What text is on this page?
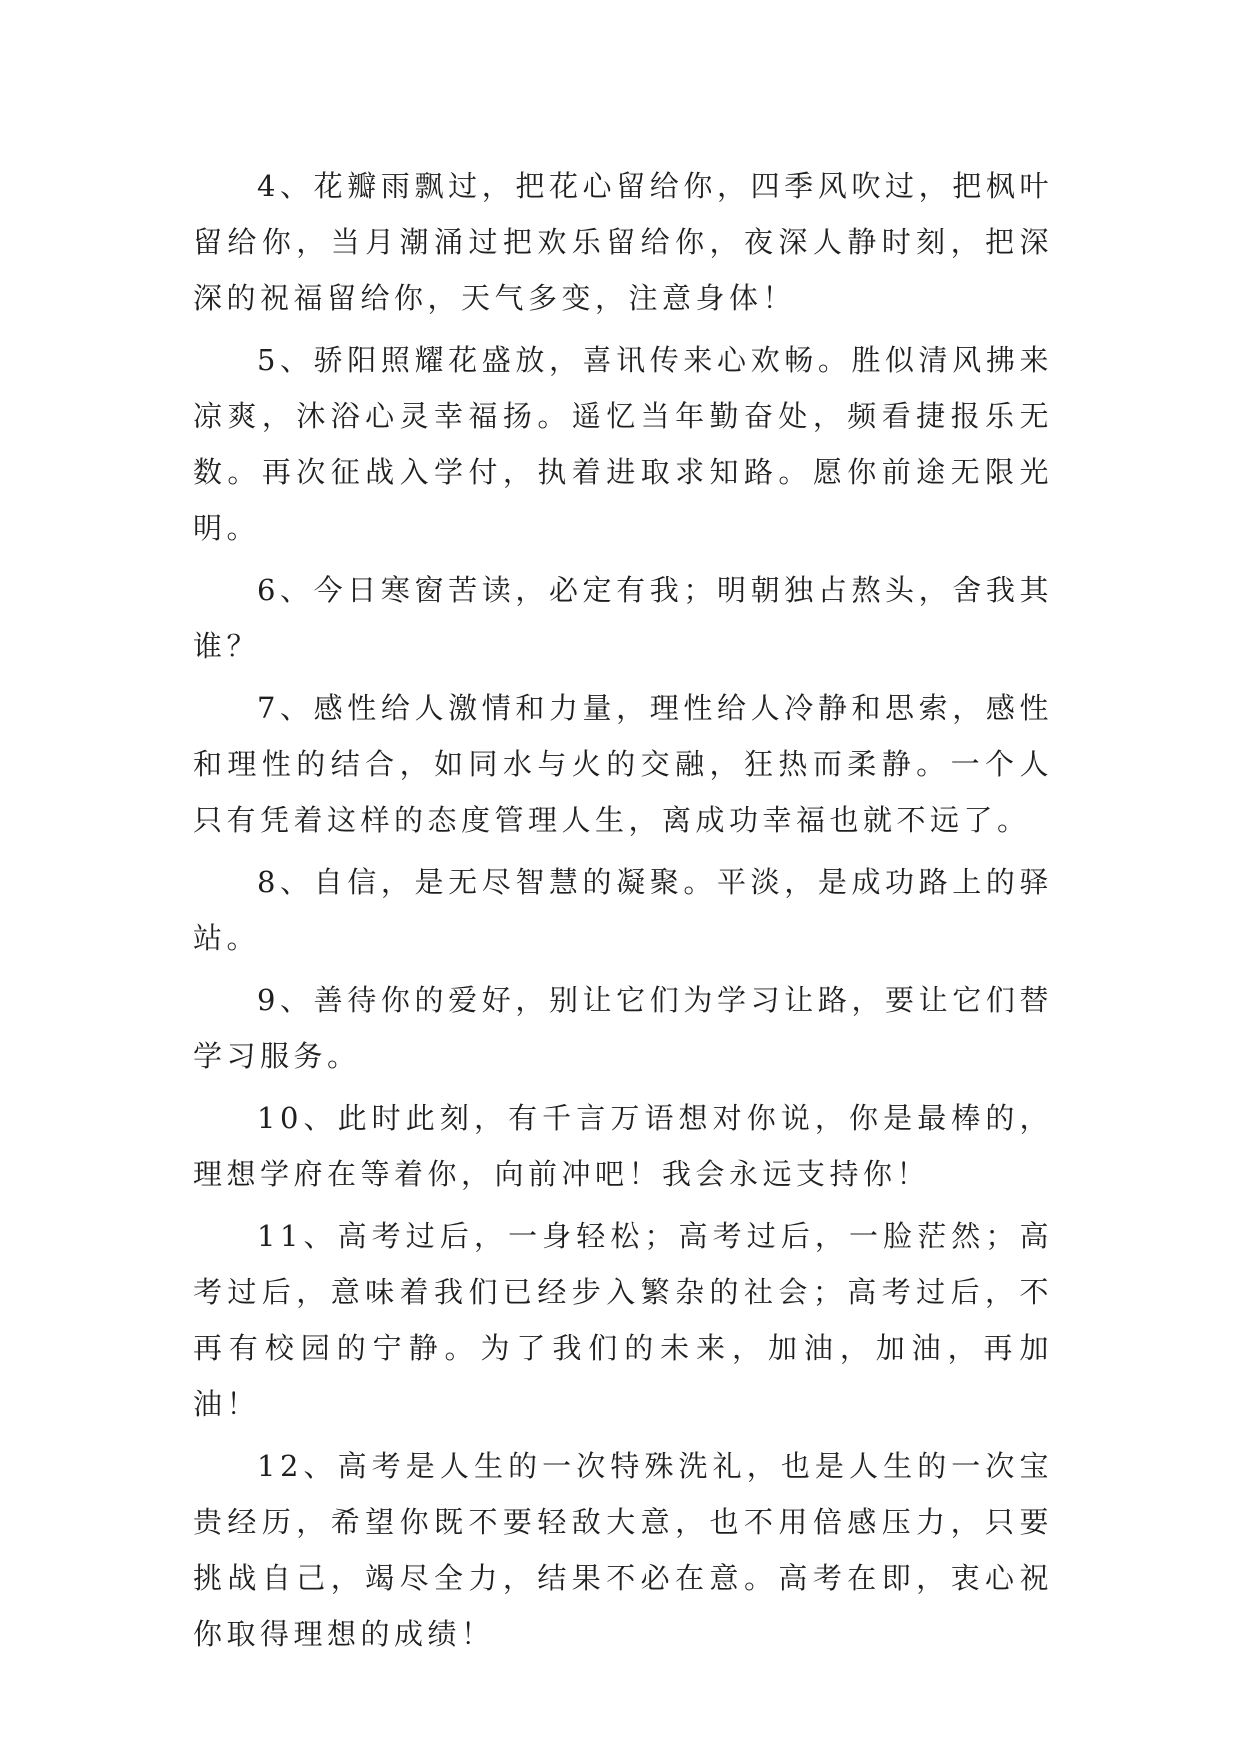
4、花瓣雨飘过，把花心留给你，四季风吹过，把枫叶留给你，当月潮涌过把欢乐留给你，夜深人静时刻，把深深的祝福留给你，天气多变，注意身体！

5、骄阳照耀花盛放，喜讯传来心欢畅。胜似清风拂来凉爽，沐浴心灵幸福扬。遥忆当年勤奋处，频看捷报乐无数。再次征战入学付，执着进取求知路。愿你前途无限光明。

6、今日寒窗苦读，必定有我；明朝独占熬头，舍我其谁？

7、感性给人激情和力量，理性给人冷静和思索，感性和理性的结合，如同水与火的交融，狂热而柔静。一个人只有凭着这样的态度管理人生，离成功幸福也就不远了。

8、自信，是无尽智慧的凝聚。平淡，是成功路上的驿站。

9、善待你的爱好，别让它们为学习让路，要让它们替学习服务。

10、此时此刻，有千言万语想对你说，你是最棒的，理想学府在等着你，向前冲吧！我会永远支持你！

11、高考过后，一身轻松；高考过后，一脸茫然；高考过后，意味着我们已经步入繁杂的社会；高考过后，不再有校园的宁静。为了我们的未来，加油，加油，再加油！

12、高考是人生的一次特殊洗礼，也是人生的一次宝贵经历，希望你既不要轻敌大意，也不用倍感压力，只要挑战自己，竭尽全力，结果不必在意。高考在即，衷心祝你取得理想的成绩！
